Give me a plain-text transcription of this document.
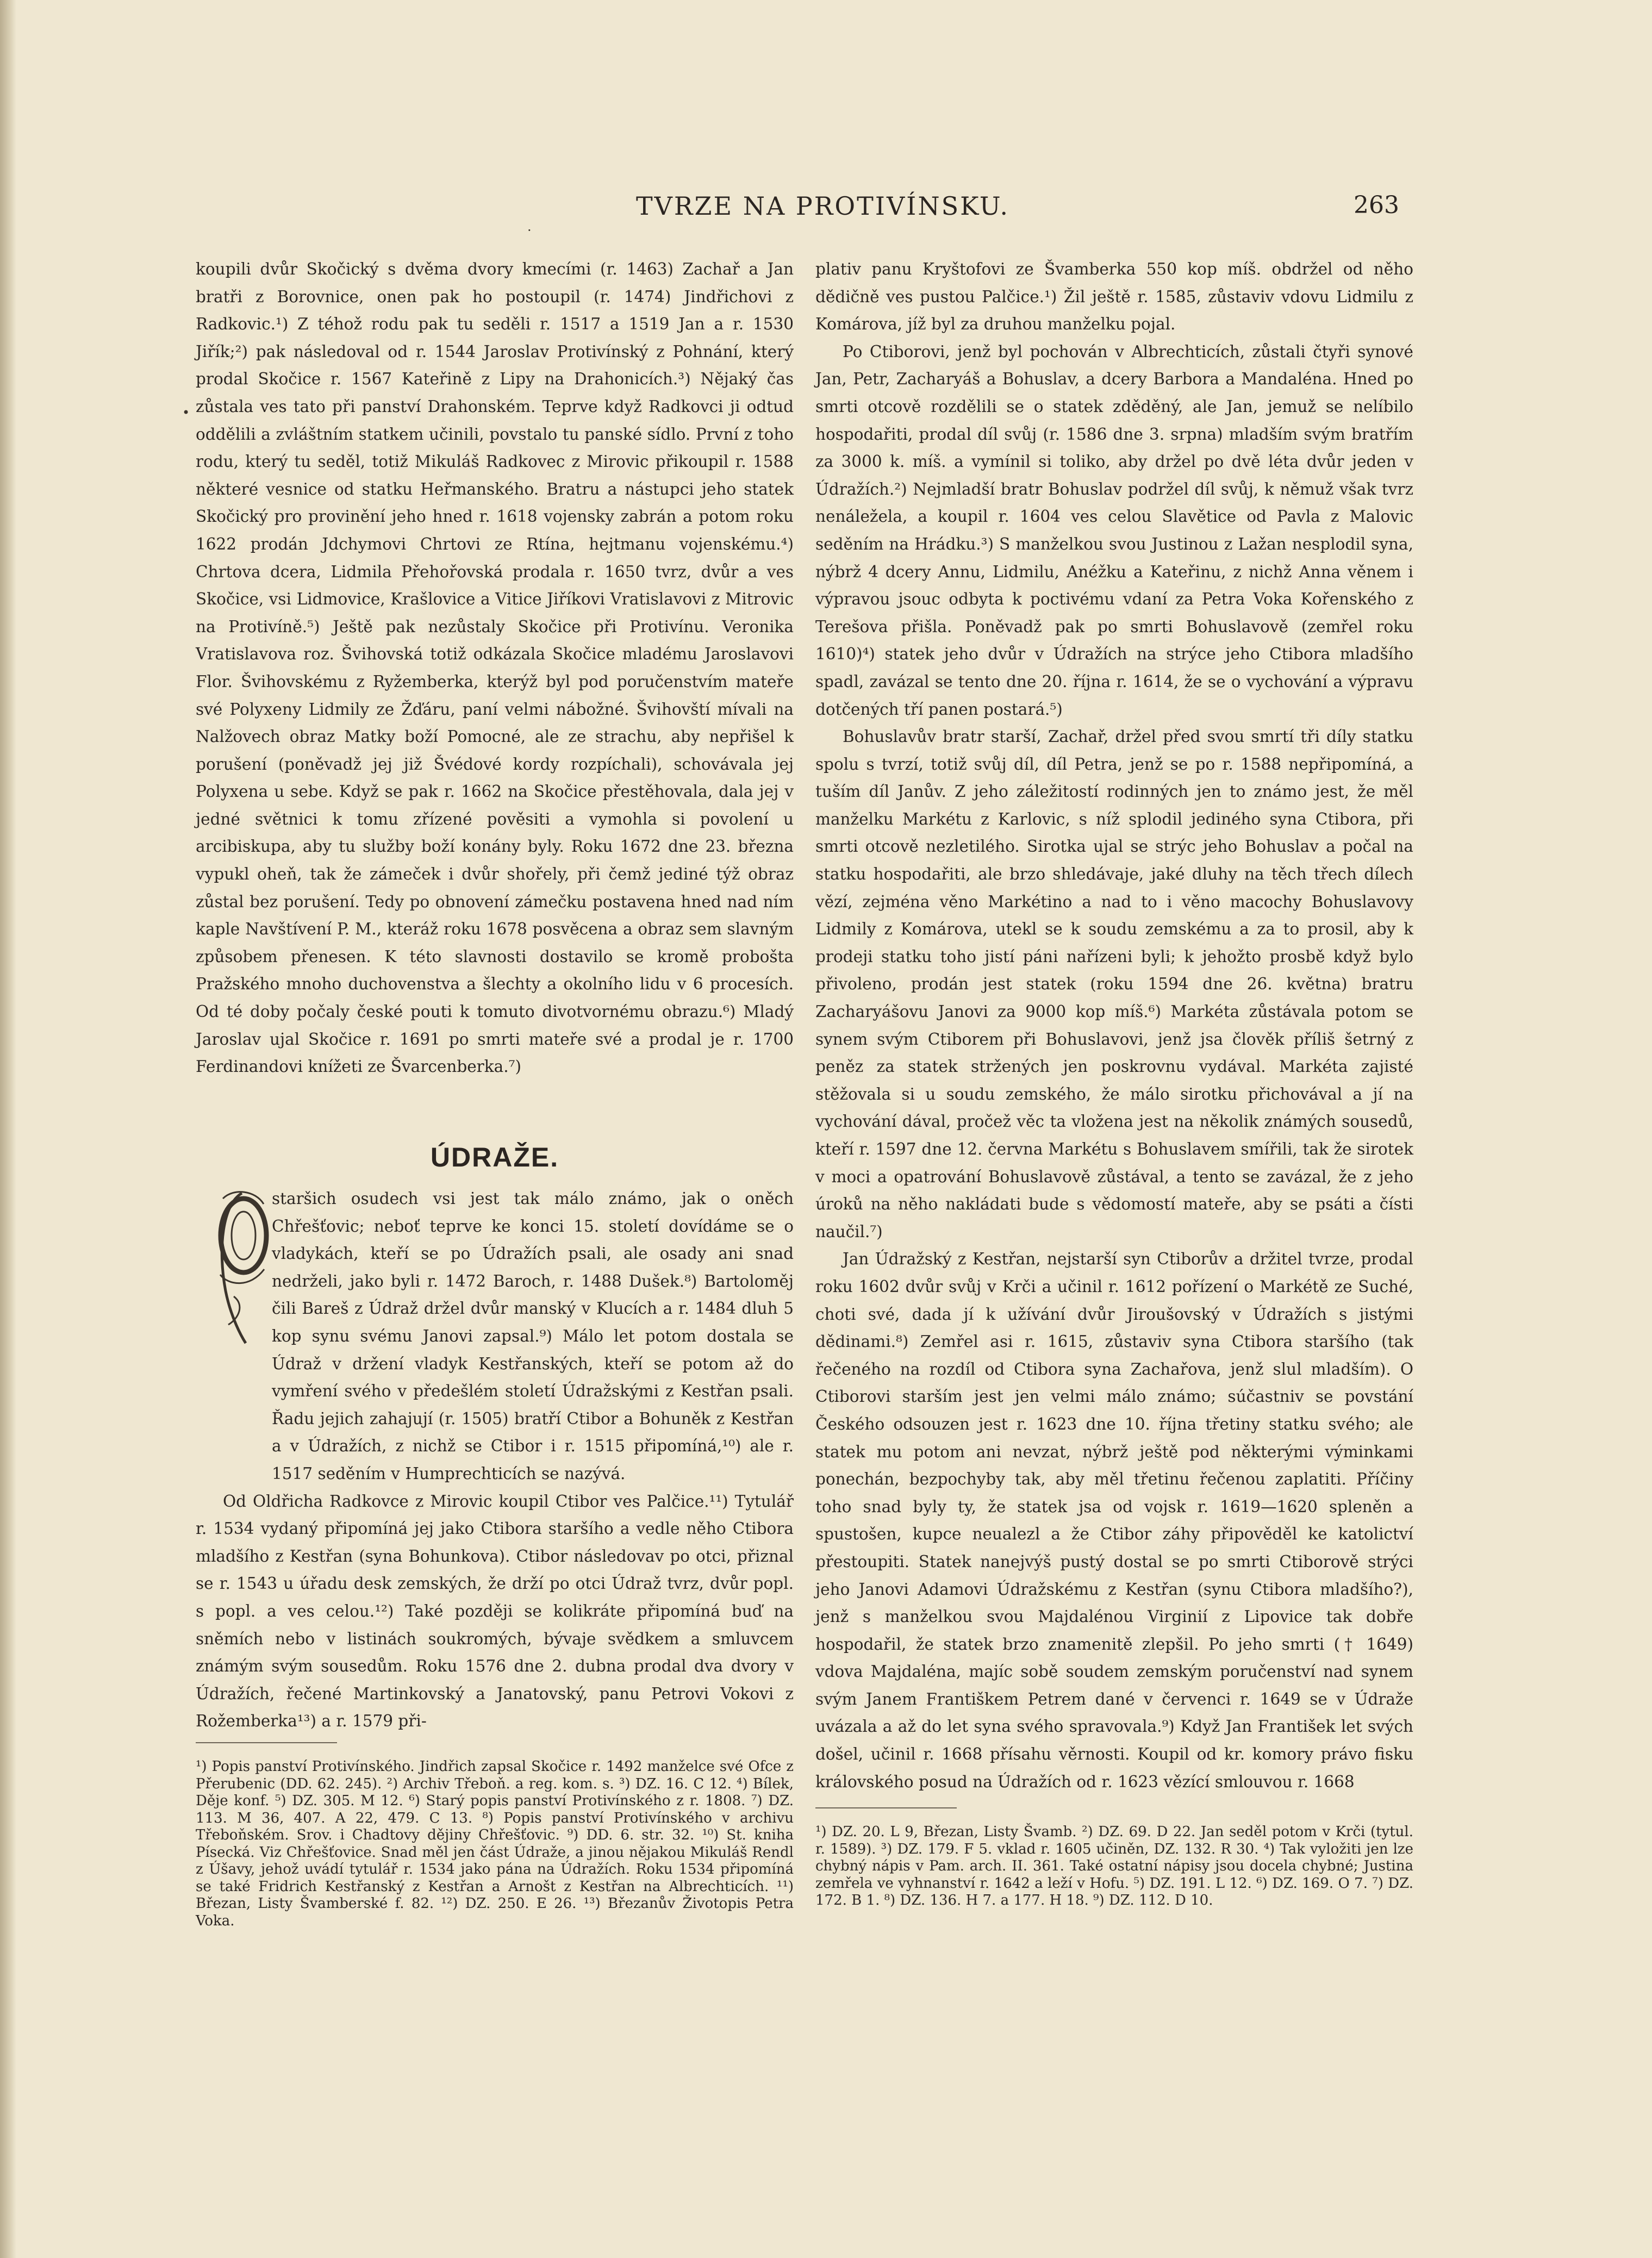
TVRZE NA PROTIVÍNSKU.	263
·
•

koupili dvůr Skočický s dvěma dvory kmecími (r. 1463) Zachař a Jan bratři z Borovnice, onen pak ho postoupil (r. 1474) Jindřichovi z Radkovic.¹) Z téhož rodu pak tu seděli r. 1517 a 1519 Jan a r. 1530 Jiřík;²) pak následoval od r. 1544 Jaroslav Protivínský z Pohnání, který prodal Skočice r. 1567 Kateřině z Lipy na Drahonicích.³) Nějaký čas zůstala ves tato při panství Drahonském. Teprve když Radkovci ji odtud oddělili a zvláštním statkem učinili, povstalo tu panské sídlo. První z toho rodu, který tu seděl, totiž Mikuláš Radkovec z Mirovic přikoupil r. 1588 některé vesnice od statku Heřmanského. Bratru a nástupci jeho statek Skočický pro provinění jeho hned r. 1618 vojensky zabrán a potom roku 1622 prodán Jdchymovi Chrtovi ze Rtína, hejtmanu vojenskému.⁴) Chrtova dcera, Lidmila Přehořovská prodala r. 1650 tvrz, dvůr a ves Skočice, vsi Lidmovice, Krašlovice a Vitice Jiříkovi Vratislavovi z Mitrovic na Protivíně.⁵) Ještě pak nezůstaly Skočice při Protivínu. Veronika Vratislavova roz. Švihovská totiž odkázala Skočice mladému Jaroslavovi Flor. Švihovskému z Ryžemberka, kterýž byl pod poručenstvím mateře své Polyxeny Lidmily ze Žďáru, paní velmi nábožné. Švihovští mívali na Nalžovech obraz Matky boží Pomocné, ale ze strachu, aby nepřišel k porušení (poněvadž jej již Švédové kordy rozpíchali), schovávala jej Polyxena u sebe. Když se pak r. 1662 na Skočice přestěhovala, dala jej v jedné světnici k tomu zřízené pověsiti a vymohla si povolení u arcibiskupa, aby tu služby boží konány byly. Roku 1672 dne 23. března vypukl oheň, tak že zámeček i dvůr shořely, při čemž jediné týž obraz zůstal bez porušení. Tedy po obnovení zámečku postavena hned nad ním kaple Navštívení P. M., kteráž roku 1678 posvěcena a obraz sem slavným způsobem přenesen. K této slavnosti dostavilo se kromě probošta Pražského mnoho duchovenstva a šlechty a okolního lidu v 6 procesích. Od té doby počaly české pouti k tomuto divotvornému obrazu.⁶) Mladý Jaroslav ujal Skočice r. 1691 po smrti mateře své a prodal je r. 1700 Ferdinandovi knížeti ze Švarcenberka.⁷)

ÚDRAŽE.

staršich osudech vsi jest tak málo známo, jak o oněch Chřešťovic; neboť teprve ke konci 15. století dovídáme se o vladykách, kteří se po Údražích psali, ale osady ani snad nedrželi, jako byli r. 1472 Baroch, r. 1488 Dušek.⁸) Bartoloměj čili Bareš z Údraž držel dvůr manský v Klucích a r. 1484 dluh 5 kop synu svému Janovi zapsal.⁹) Málo let potom dostala se Údraž v držení vladyk Kestřanských, kteří se potom až do vymření svého v předešlém století Údražskými z Kestřan psali. Řadu jejich zahajují (r. 1505) bratří Ctibor a Bohuněk z Kestřan a v Údražích, z nichž se Ctibor i r. 1515 připomíná,¹⁰) ale r. 1517 seděním v Humprechticích se nazývá.

Od Oldřicha Radkovce z Mirovic koupil Ctibor ves Palčice.¹¹) Tytulář r. 1534 vydaný připomíná jej jako Ctibora staršího a vedle něho Ctibora mladšího z Kestřan (syna Bohunkova). Ctibor následovav po otci, přiznal se r. 1543 u úřadu desk zemských, že drží po otci Údraž tvrz, dvůr popl. s popl. a ves celou.¹²) Také později se kolikráte připomíná buď na sněmích nebo v listinách soukromých, bývaje svědkem a smluvcem známým svým sousedům. Roku 1576 dne 2. dubna prodal dva dvory v Údražích, řečené Martinkovský a Janatovský, panu Petrovi Vokovi z Rožemberka¹³) a r. 1579 při-

¹) Popis panství Protivínského. Jindřich zapsal Skočice r. 1492 manželce své Ofce z Přerubenic (DD. 62. 245). ²) Archiv Třeboň. a reg. kom. s. ³) DZ. 16. C 12. ⁴) Bílek, Děje konf. ⁵) DZ. 305. M 12. ⁶) Starý popis panství Protivínského z r. 1808. ⁷) DZ. 113. M 36, 407. A 22, 479. C 13. ⁸) Popis panství Protivínského v archivu Třeboňském. Srov. i Chadtovy dějiny Chřešťovic. ⁹) DD. 6. str. 32. ¹⁰) St. kniha Písecká. Viz Chřešťovice. Snad měl jen část Údraže, a jinou nějakou Mikuláš Rendl z Úšavy, jehož uvádí tytulář r. 1534 jako pána na Údražích. Roku 1534 připomíná se také Fridrich Kestřanský z Kestřan a Arnošt z Kestřan na Albrechticích. ¹¹) Březan, Listy Švamberské f. 82. ¹²) DZ. 250. E 26. ¹³) Březanův Životopis Petra Voka.

plativ panu Kryštofovi ze Švamberka 550 kop míš. obdržel od něho dědičně ves pustou Palčice.¹) Žil ještě r. 1585, zůstaviv vdovu Lidmilu z Komárova, jíž byl za druhou manželku pojal.

Po Ctiborovi, jenž byl pochován v Albrechticích, zůstali čtyři synové Jan, Petr, Zacharyáš a Bohuslav, a dcery Barbora a Mandaléna. Hned po smrti otcově rozdělili se o statek zděděný, ale Jan, jemuž se nelíbilo hospodařiti, prodal díl svůj (r. 1586 dne 3. srpna) mladším svým bratřím za 3000 k. míš. a vymínil si toliko, aby držel po dvě léta dvůr jeden v Údražích.²) Nejmladší bratr Bohuslav podržel díl svůj, k němuž však tvrz nenáležela, a koupil r. 1604 ves celou Slavětice od Pavla z Malovic seděním na Hrádku.³) S manželkou svou Justinou z Lažan nesplodil syna, nýbrž 4 dcery Annu, Lidmilu, Anéžku a Kateřinu, z nichž Anna věnem i výpravou jsouc odbyta k poctivému vdaní za Petra Voka Kořenského z Terešova přišla. Poněvadž pak po smrti Bohuslavově (zemřel roku 1610)⁴) statek jeho dvůr v Údražích na strýce jeho Ctibora mladšího spadl, zavázal se tento dne 20. října r. 1614, že se o vychování a výpravu dotčených tří panen postará.⁵)

Bohuslavův bratr starší, Zachař, držel před svou smrtí tři díly statku spolu s tvrzí, totiž svůj díl, díl Petra, jenž se po r. 1588 nepřipomíná, a tuším díl Janův. Z jeho záležitostí rodinných jen to známo jest, že měl manželku Markétu z Karlovic, s níž splodil jediného syna Ctibora, při smrti otcově nezletilého. Sirotka ujal se strýc jeho Bohuslav a počal na statku hospodařiti, ale brzo shledávaje, jaké dluhy na těch třech dílech vězí, zejména věno Markétino a nad to i věno macochy Bohuslavovy Lidmily z Komárova, utekl se k soudu zemskému a za to prosil, aby k prodeji statku toho jistí páni nařízeni byli; k jehožto prosbě když bylo přivoleno, prodán jest statek (roku 1594 dne 26. května) bratru Zacharyášovu Janovi za 9000 kop míš.⁶) Markéta zůstávala potom se synem svým Ctiborem při Bohuslavovi, jenž jsa člověk příliš šetrný z peněz za statek stržených jen poskrovnu vydával. Markéta zajisté stěžovala si u soudu zemského, že málo sirotku přichovával a jí na vychování dával, pročež věc ta vložena jest na několik známých sousedů, kteří r. 1597 dne 12. června Markétu s Bohuslavem smířili, tak že sirotek v moci a opatrování Bohuslavově zůstával, a tento se zavázal, že z jeho úroků na něho nakládati bude s vědomostí mateře, aby se psáti a čísti naučil.⁷)

Jan Údražský z Kestřan, nejstarší syn Ctiborův a držitel tvrze, prodal roku 1602 dvůr svůj v Krči a učinil r. 1612 pořízení o Markétě ze Suché, choti své, dada jí k užívání dvůr Jiroušovský v Údražích s jistými dědinami.⁸) Zemřel asi r. 1615, zůstaviv syna Ctibora staršího (tak řečeného na rozdíl od Ctibora syna Zachařova, jenž slul mladším). O Ctiborovi starším jest jen velmi málo známo; súčastniv se povstání Českého odsouzen jest r. 1623 dne 10. října třetiny statku svého; ale statek mu potom ani nevzat, nýbrž ještě pod některými výminkami ponechán, bezpochyby tak, aby měl třetinu řečenou zaplatiti. Příčiny toho snad byly ty, že statek jsa od vojsk r. 1619—1620 spleněn a spustošen, kupce neualezl a že Ctibor záhy připověděl ke katolictví přestoupiti. Statek nanejvýš pustý dostal se po smrti Ctiborově strýci jeho Janovi Adamovi Údražskému z Kestřan (synu Ctibora mladšího?), jenž s manželkou svou Majdalénou Virginií z Lipovice tak dobře hospodařil, že statek brzo znamenitě zlepšil. Po jeho smrti († 1649) vdova Majdaléna, majíc sobě soudem zemským poručenství nad synem svým Janem Františkem Petrem dané v červenci r. 1649 se v Údraže uvázala a až do let syna svého spravovala.⁹) Když Jan František let svých došel, učinil r. 1668 přísahu věrnosti. Koupil od kr. komory právo fisku královského posud na Údražích od r. 1623 vězící smlouvou r. 1668

¹) DZ. 20. L 9, Březan, Listy Švamb. ²) DZ. 69. D 22. Jan seděl potom v Krči (tytul. r. 1589). ³) DZ. 179. F 5. vklad r. 1605 učiněn, DZ. 132. R 30. ⁴) Tak vyložiti jen lze chybný nápis v Pam. arch. II. 361. Také ostatní nápisy jsou docela chybné; Justina zemřela ve vyhnanství r. 1642 a leží v Hofu. ⁵) DZ. 191. L 12. ⁶) DZ. 169. O 7. ⁷) DZ. 172. B 1. ⁸) DZ. 136. H 7. a 177. H 18. ⁹) DZ. 112. D 10.
